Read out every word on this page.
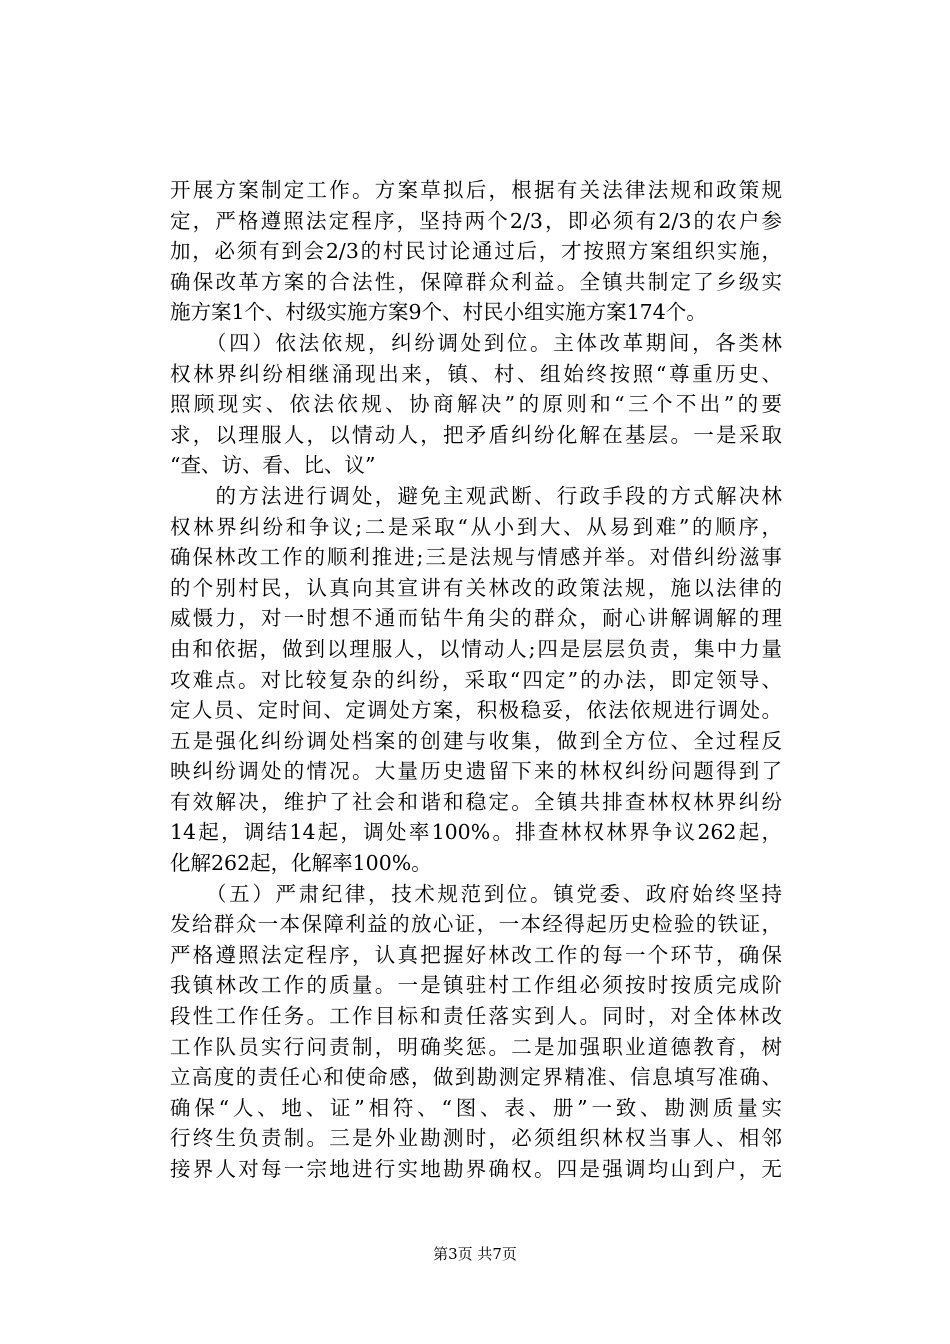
开展方案制定工作。方案草拟后，根据有关法律法规和政策规
定，严格遵照法定程序，坚持两个2/3，即必须有2/3的农户参
加，必须有到会2/3的村民讨论通过后，才按照方案组织实施，
确保改革方案的合法性，保障群众利益。全镇共制定了乡级实
施方案1个、村级实施方案9个、村民小组实施方案174个。
　　（四）依法依规，纠纷调处到位。主体改革期间，各类林
权林界纠纷相继涌现出来，镇、村、组始终按照“尊重历史、
照顾现实、依法依规、协商解决”的原则和“三个不出”的要
求，以理服人，以情动人，把矛盾纠纷化解在基层。一是采取
“查、访、看、比、议”
　　的方法进行调处，避免主观武断、行政手段的方式解决林
权林界纠纷和争议;二是采取“从小到大、从易到难”的顺序，
确保林改工作的顺利推进;三是法规与情感并举。对借纠纷滋事
的个别村民，认真向其宣讲有关林改的政策法规，施以法律的
威慑力，对一时想不通而钻牛角尖的群众，耐心讲解调解的理
由和依据，做到以理服人，以情动人;四是层层负责，集中力量
攻难点。对比较复杂的纠纷，采取“四定”的办法，即定领导、
定人员、定时间、定调处方案，积极稳妥，依法依规进行调处。
五是强化纠纷调处档案的创建与收集，做到全方位、全过程反
映纠纷调处的情况。大量历史遗留下来的林权纠纷问题得到了
有效解决，维护了社会和谐和稳定。全镇共排查林权林界纠纷
14起，调结14起，调处率100%。排查林权林界争议262起，
化解262起，化解率100%。
　　（五）严肃纪律，技术规范到位。镇党委、政府始终坚持
发给群众一本保障利益的放心证，一本经得起历史检验的铁证，
严格遵照法定程序，认真把握好林改工作的每一个环节，确保
我镇林改工作的质量。一是镇驻村工作组必须按时按质完成阶
段性工作任务。工作目标和责任落实到人。同时，对全体林改
工作队员实行问责制，明确奖惩。二是加强职业道德教育，树
立高度的责任心和使命感，做到勘测定界精准、信息填写准确、
确保“人、地、证”相符、“图、表、册”一致、勘测质量实
行终生负责制。三是外业勘测时，必须组织林权当事人、相邻
接界人对每一宗地进行实地勘界确权。四是强调均山到户，无
第3页 共7页
